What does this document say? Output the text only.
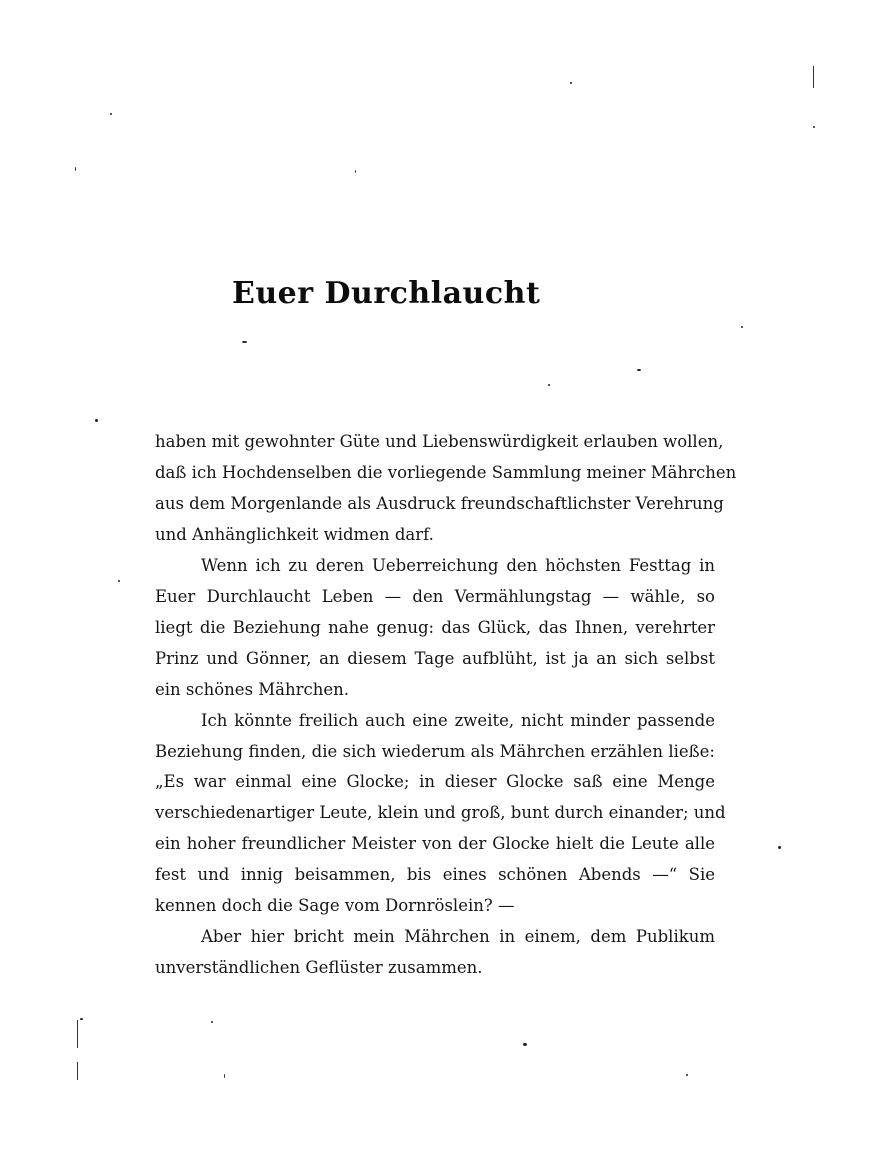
Euer Durchlaucht

haben mit gewohnter Güte und Liebenswürdigkeit erlauben wollen,
daß ich Hochdenselben die vorliegende Sammlung meiner Mährchen
aus dem Morgenlande als Ausdruck freundschaftlichster Verehrung
und Anhänglichkeit widmen darf.

Wenn ich zu deren Ueberreichung den höchsten Festtag in
Euer Durchlaucht Leben — den Vermählungstag — wähle, so
liegt die Beziehung nahe genug: das Glück, das Ihnen, verehrter
Prinz und Gönner, an diesem Tage aufblüht, ist ja an sich selbst
ein schönes Mährchen.

Ich könnte freilich auch eine zweite, nicht minder passende
Beziehung finden, die sich wiederum als Mährchen erzählen ließe:
„Es war einmal eine Glocke; in dieser Glocke saß eine Menge
verschiedenartiger Leute, klein und groß, bunt durch einander; und
ein hoher freundlicher Meister von der Glocke hielt die Leute alle
fest und innig beisammen, bis eines schönen Abends —“ Sie
kennen doch die Sage vom Dornröslein? —

Aber hier bricht mein Mährchen in einem, dem Publikum
unverständlichen Geflüster zusammen.
